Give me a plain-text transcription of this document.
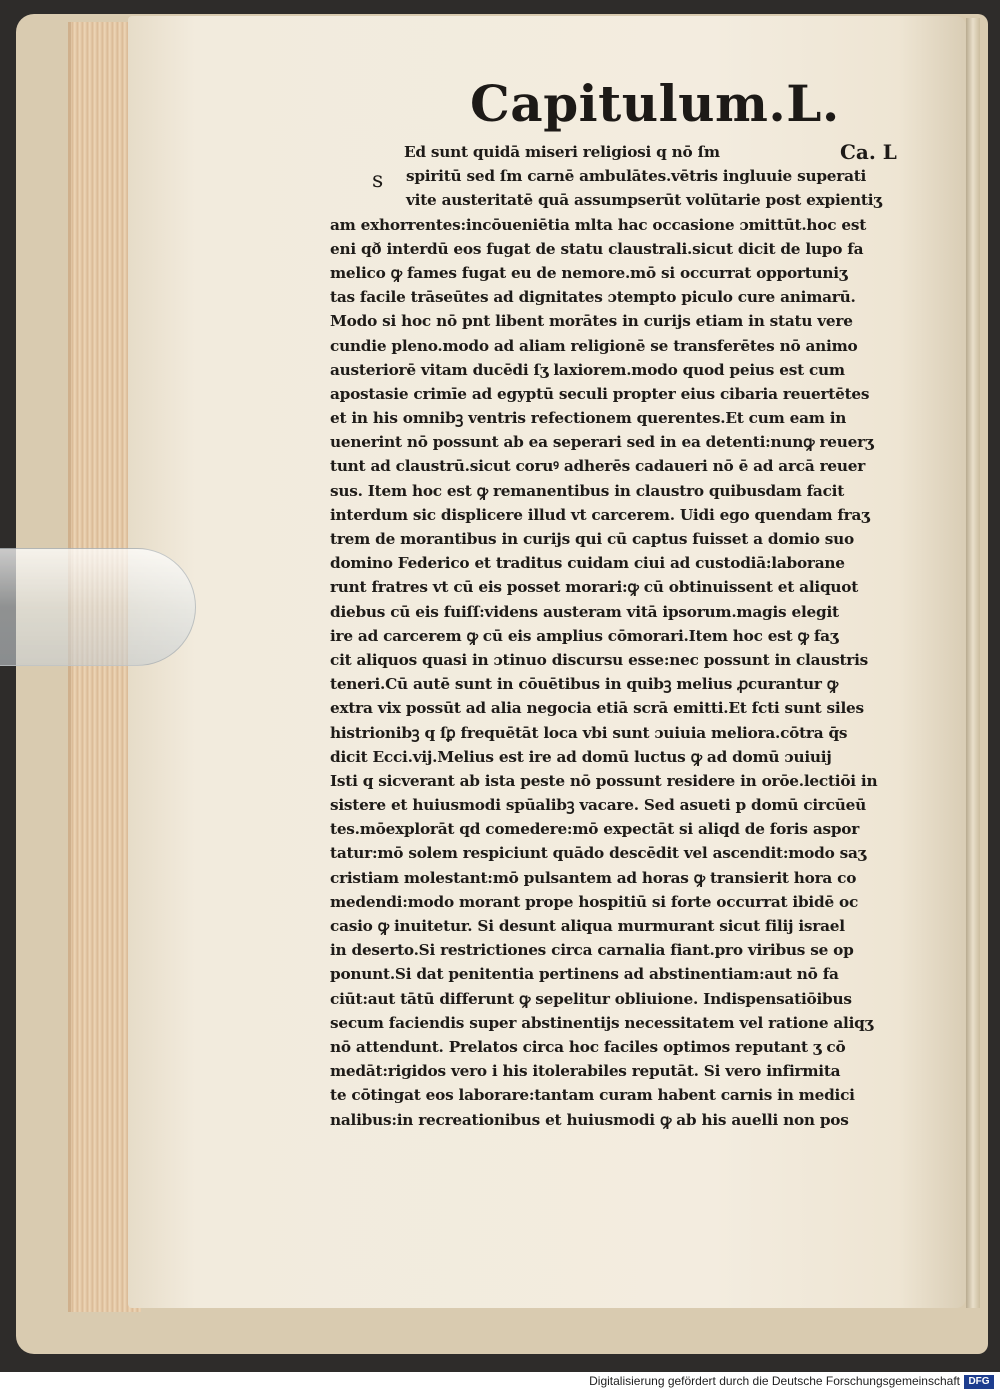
Capitulum.L.
Ca. L
s
Ed sunt quidā miseri religiosi q nō ſm
spiritū sed ſm carnē ambulātes.vētris ingluuie superati
vite austeritatē quā assumpserūt volūtarie post expientiʒ
am exhorrentes:incōueniētia mlta hac occasione ɔmittūt.hoc est
eni qð interdū eos fugat de statu claustrali.sicut dicit de lupo fa
melico ꝙ fames fugat eu de nemore.mō si occurrat opportuniʒ
tas facile trāseūtes ad dignitates ɔtempto piculo cure animarū.
Modo si hoc nō pnt libent morātes in curijs etiam in statu vere
cundie pleno.modo ad aliam religionē se transferētes nō animo
austeriorē vitam ducēdi ſʒ laxiorem.modo quod peius est cum
apostasie crimīe ad egyptū seculi propter eius cibaria reuertētes
et in his omnibꝫ ventris refectionem querentes.Et cum eam in
uenerint nō possunt ab ea seperari sed in ea detenti:nunꝙ reuerʒ
tunt ad claustrū.sicut coruꝰ adherēs cadaueri nō ē ad arcā reuer
sus. Item hoc est ꝙ remanentibus in claustro quibusdam facit
interdum sic displicere illud vt carcerem. Uidi ego quendam fraʒ
trem de morantibus in curijs qui cū captus fuisset a domio suo
domino Federico et traditus cuidam ciui ad custodiā:laborane
runt fratres vt cū eis posset morari:ꝙ cū obtinuissent et aliquot
diebus cū eis fuiſſ:videns austeram vitā ipsorum.magis elegit
ire ad carcerem ꝙ cū eis amplius cōmorari.Item hoc est ꝙ faʒ
cit aliquos quasi in ɔtinuo discursu esse:nec possunt in claustris
teneri.Cū autē sunt in cōuētibus in quibꝫ melius ꝓcurantur ꝙ
extra vix possūt ad alia negocia etiā scrā emitti.Et fcti sunt siles
histrionibꝫ q ſꝑ frequētāt loca vbi sunt ɔuiuia meliora.cōtra q̄s
dicit Ecci.vij.Melius est ire ad domū luctus ꝙ ad domū ɔuiuij
Isti q sicverant ab ista peste nō possunt residere in orōe.lectiōi in
sistere et huiusmodi spūalibꝫ vacare. Sed asueti p domū circūeū
tes.mōexplorāt qd comedere:mō expectāt si aliqd de foris aspor
tatur:mō solem respiciunt quādo descēdit vel ascendit:modo saʒ
cristiam molestant:mō pulsantem ad horas ꝙ transierit hora co
medendi:modo morant prope hospitiū si forte occurrat ibidē oc
casio ꝙ inuitetur. Si desunt aliqua murmurant sicut filij israel
in deserto.Si restrictiones circa carnalia fiant.pro viribus se op
ponunt.Si dat penitentia pertinens ad abstinentiam:aut nō fa
ciūt:aut tātū differunt ꝙ sepelitur obliuione. Indispensatiōibus
secum faciendis super abstinentijs necessitatem vel ratione aliqʒ
nō attendunt. Prelatos circa hoc faciles optimos reputant ʒ cō
medāt:rigidos vero i his itolerabiles reputāt. Si vero infirmita
te cōtingat eos laborare:tantam curam habent carnis in medici
nalibus:in recreationibus et huiusmodi ꝙ ab his auelli non pos
Digitalisierung gefördert durch die Deutsche Forschungsgemeinschaft DFG
